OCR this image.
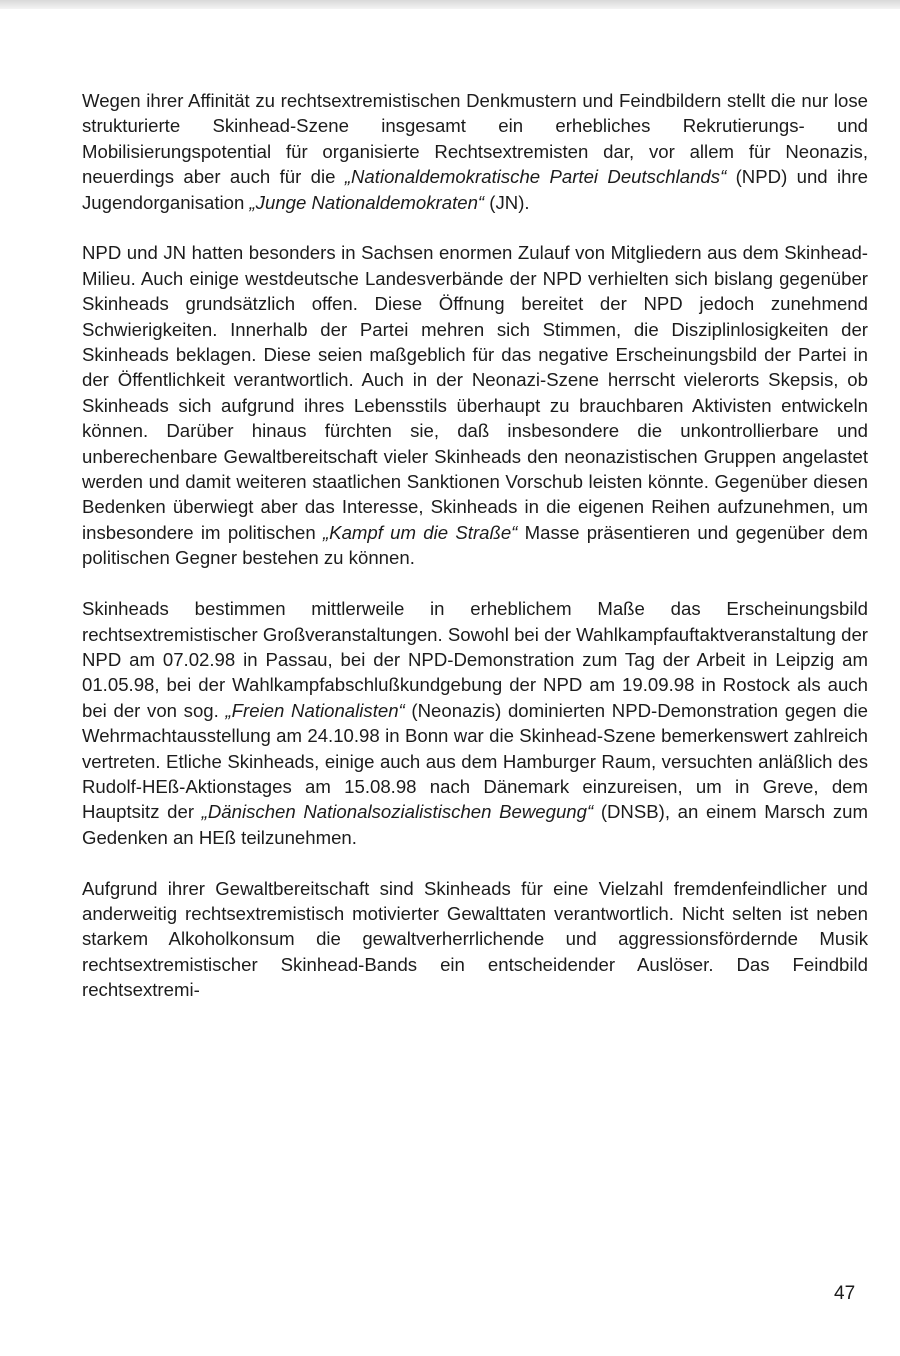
Wegen ihrer Affinität zu rechtsextremistischen Denkmustern und Feindbildern stellt die nur lose strukturierte Skinhead-Szene insgesamt ein erhebliches Rekrutierungs- und Mobilisierungspotential für organisierte Rechtsextremisten dar, vor allem für Neonazis, neuerdings aber auch für die „Nationaldemokratische Partei Deutschlands“ (NPD) und ihre Jugendorganisation „Junge Nationaldemokraten“ (JN).

NPD und JN hatten besonders in Sachsen enormen Zulauf von Mitgliedern aus dem Skinhead-Milieu. Auch einige westdeutsche Landesverbände der NPD verhielten sich bislang gegenüber Skinheads grundsätzlich offen. Diese Öffnung bereitet der NPD jedoch zunehmend Schwierigkeiten. Innerhalb der Partei mehren sich Stimmen, die Disziplinlosigkeiten der Skinheads beklagen. Diese seien maßgeblich für das negative Erscheinungsbild der Partei in der Öffentlichkeit verantwortlich. Auch in der Neonazi-Szene herrscht vielerorts Skepsis, ob Skinheads sich aufgrund ihres Lebensstils überhaupt zu brauchbaren Aktivisten entwickeln können. Darüber hinaus fürchten sie, daß insbesondere die unkontrollierbare und unberechenbare Gewaltbereitschaft vieler Skinheads den neonazistischen Gruppen angelastet werden und damit weiteren staatlichen Sanktionen Vorschub leisten könnte. Gegenüber diesen Bedenken überwiegt aber das Interesse, Skinheads in die eigenen Reihen aufzunehmen, um insbesondere im politischen „Kampf um die Straße“ Masse präsentieren und gegenüber dem politischen Gegner bestehen zu können.

Skinheads bestimmen mittlerweile in erheblichem Maße das Erscheinungsbild rechtsextremistischer Großveranstaltungen. Sowohl bei der Wahlkampfauftaktveranstaltung der NPD am 07.02.98 in Passau, bei der NPD-Demonstration zum Tag der Arbeit in Leipzig am 01.05.98, bei der Wahlkampfabschlußkundgebung der NPD am 19.09.98 in Rostock als auch bei der von sog. „Freien Nationalisten“ (Neonazis) dominierten NPD-Demonstration gegen die Wehrmachtausstellung am 24.10.98 in Bonn war die Skinhead-Szene bemerkenswert zahlreich vertreten. Etliche Skinheads, einige auch aus dem Hamburger Raum, versuchten anläßlich des Rudolf-HEß-Aktionstages am 15.08.98 nach Dänemark einzureisen, um in Greve, dem Hauptsitz der „Dänischen Nationalsozialistischen Bewegung“ (DNSB), an einem Marsch zum Gedenken an HEß teilzunehmen.

Aufgrund ihrer Gewaltbereitschaft sind Skinheads für eine Vielzahl fremdenfeindlicher und anderweitig rechtsextremistisch motivierter Gewalttaten verantwortlich. Nicht selten ist neben starkem Alkoholkonsum die gewaltverherrlichende und aggressionsfördernde Musik rechtsextremistischer Skinhead-Bands ein entscheidender Auslöser. Das Feindbild rechtsextremi-

47
